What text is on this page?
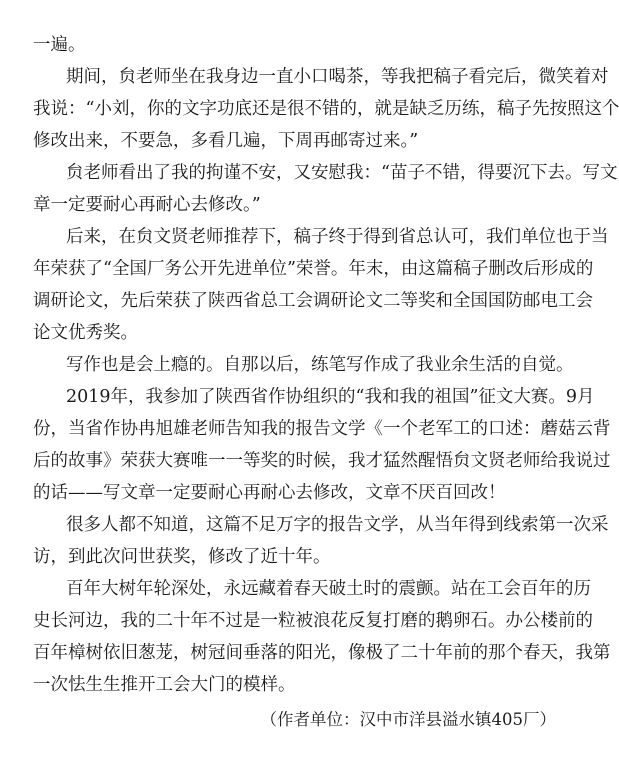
一遍。
期间，贠老师坐在我身边一直小口喝茶，等我把稿子看完后，微笑着对
我说：“小刘，你的文字功底还是很不错的，就是缺乏历练，稿子先按照这个
修改出来，不要急，多看几遍，下周再邮寄过来。”
贠老师看出了我的拘谨不安，又安慰我：“苗子不错，得要沉下去。写文
章一定要耐心再耐心去修改。”
后来，在贠文贤老师推荐下，稿子终于得到省总认可，我们单位也于当
年荣获了“全国厂务公开先进单位”荣誉。年末，由这篇稿子删改后形成的
调研论文，先后荣获了陕西省总工会调研论文二等奖和全国国防邮电工会
论文优秀奖。
写作也是会上瘾的。自那以后，练笔写作成了我业余生活的自觉。
2019年，我参加了陕西省作协组织的“我和我的祖国”征文大赛。9月
份，当省作协冉旭雄老师告知我的报告文学《一个老军工的口述：蘑菇云背
后的故事》荣获大赛唯一一等奖的时候，我才猛然醒悟贠文贤老师给我说过
的话——写文章一定要耐心再耐心去修改，文章不厌百回改！
很多人都不知道，这篇不足万字的报告文学，从当年得到线索第一次采
访，到此次问世获奖，修改了近十年。
百年大树年轮深处，永远藏着春天破土时的震颤。站在工会百年的历
史长河边，我的二十年不过是一粒被浪花反复打磨的鹅卵石。办公楼前的
百年樟树依旧葱茏，树冠间垂落的阳光，像极了二十年前的那个春天，我第
一次怯生生推开工会大门的模样。
（作者单位：汉中市洋县溢水镇405厂）
